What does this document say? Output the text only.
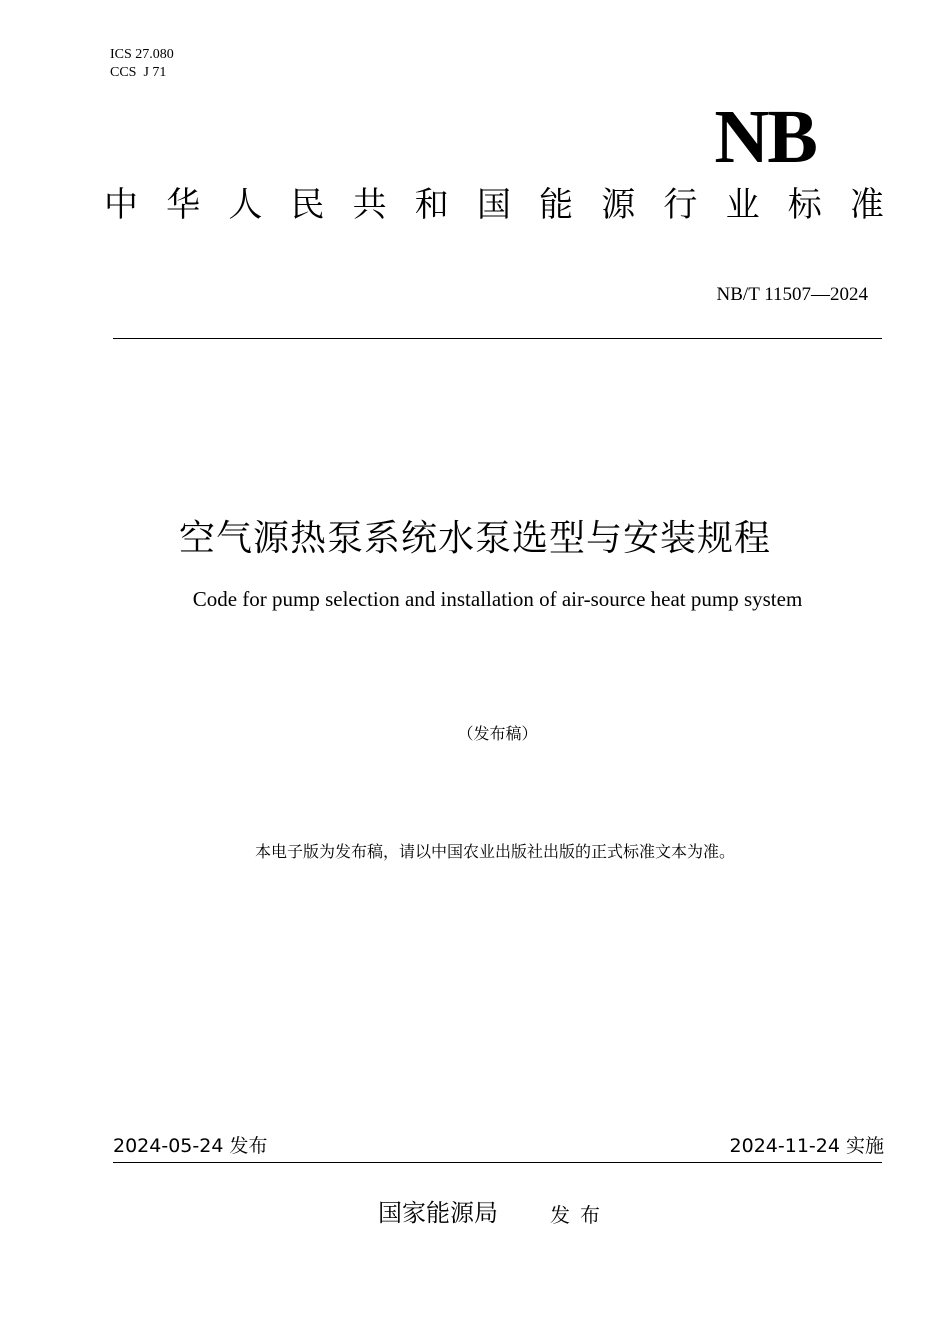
ICS 27.080
CCS  J 71
NB
中 华 人 民 共 和 国 能 源 行 业 标 准
NB/T 11507—2024
空气源热泵系统水泵选型与安装规程
Code for pump selection and installation of air-source heat pump system
（发布稿）
本电子版为发布稿，请以中国农业出版社出版的正式标准文本为准。
2024-05-24 发布	2024-11-24 实施
国家能源局	发布
